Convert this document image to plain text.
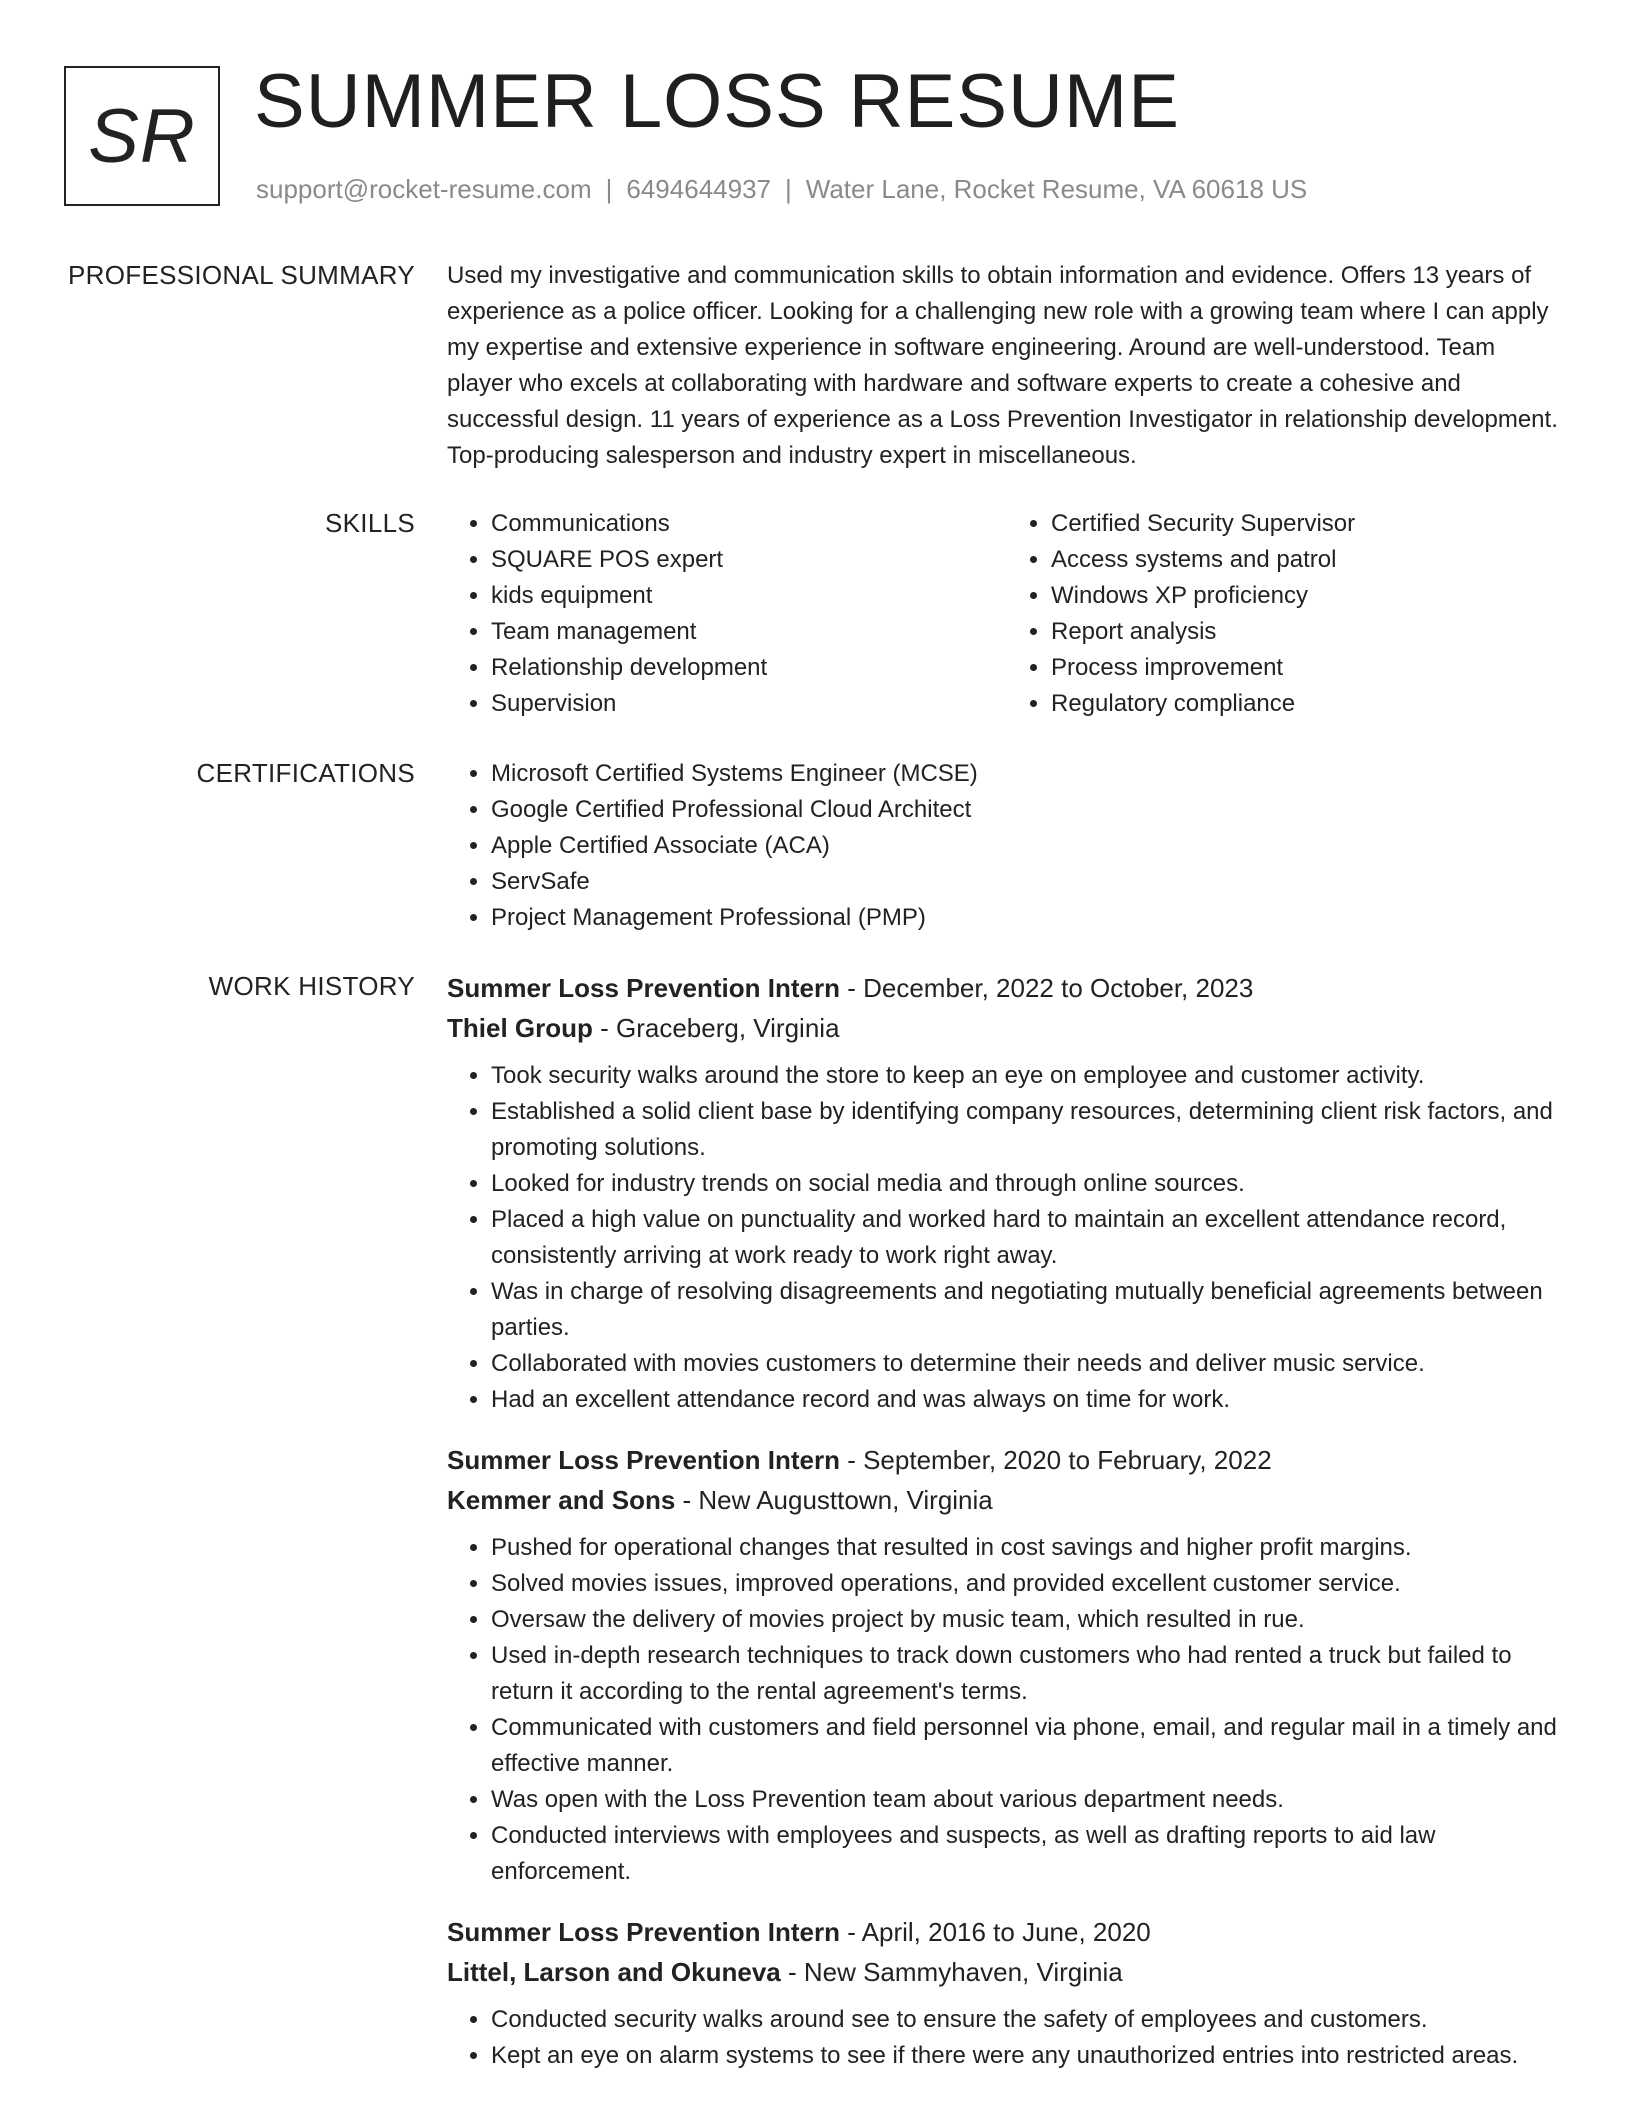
SR SUMMER LOSS RESUME
support@rocket-resume.com | 6494644937 | Water Lane, Rocket Resume, VA 60618 US
PROFESSIONAL SUMMARY Used my investigative and communication skills to obtain information and evidence. Offers 13 years of experience as a police officer. Looking for a challenging new role with a growing team where I can apply my expertise and extensive experience in software engineering. Around are well-understood. Team player who excels at collaborating with hardware and software experts to create a cohesive and successful design. 11 years of experience as a Loss Prevention Investigator in relationship development. Top-producing salesperson and industry expert in miscellaneous.

SKILLS	• Communications
• SQUARE POS expert
• kids equipment
• Team management
• Relationship development
• Supervision
• Certified Security Supervisor
• Access systems and patrol
• Windows XP proficiency
• Report analysis
• Process improvement
• Regulatory compliance
CERTIFICATIONS	• Microsoft Certified Systems Engineer (MCSE)
• Google Certified Professional Cloud Architect
• Apple Certified Associate (ACA)
• ServSafe
• Project Management Professional (PMP)
WORK HISTORY Summer Loss Prevention Intern - December, 2022 to October, 2023
Thiel Group - Graceberg, Virginia
• Took security walks around the store to keep an eye on employee and customer activity.
• Established a solid client base by identifying company resources, determining client risk factors, and promoting solutions.
• Looked for industry trends on social media and through online sources.
• Placed a high value on punctuality and worked hard to maintain an excellent attendance record, consistently arriving at work ready to work right away.
• Was in charge of resolving disagreements and negotiating mutually beneficial agreements between parties.
• Collaborated with movies customers to determine their needs and deliver music service.
• Had an excellent attendance record and was always on time for work.
Summer Loss Prevention Intern - September, 2020 to February, 2022
Kemmer and Sons - New Augusttown, Virginia
• Pushed for operational changes that resulted in cost savings and higher profit margins.
• Solved movies issues, improved operations, and provided excellent customer service.
• Oversaw the delivery of movies project by music team, which resulted in rue.
• Used in-depth research techniques to track down customers who had rented a truck but failed to return it according to the rental agreement's terms.
• Communicated with customers and field personnel via phone, email, and regular mail in a timely and effective manner.
• Was open with the Loss Prevention team about various department needs.
• Conducted interviews with employees and suspects, as well as drafting reports to aid law enforcement.
Summer Loss Prevention Intern - April, 2016 to June, 2020
Littel, Larson and Okuneva - New Sammyhaven, Virginia
• Conducted security walks around see to ensure the safety of employees and customers.
• Kept an eye on alarm systems to see if there were any unauthorized entries into restricted areas.
